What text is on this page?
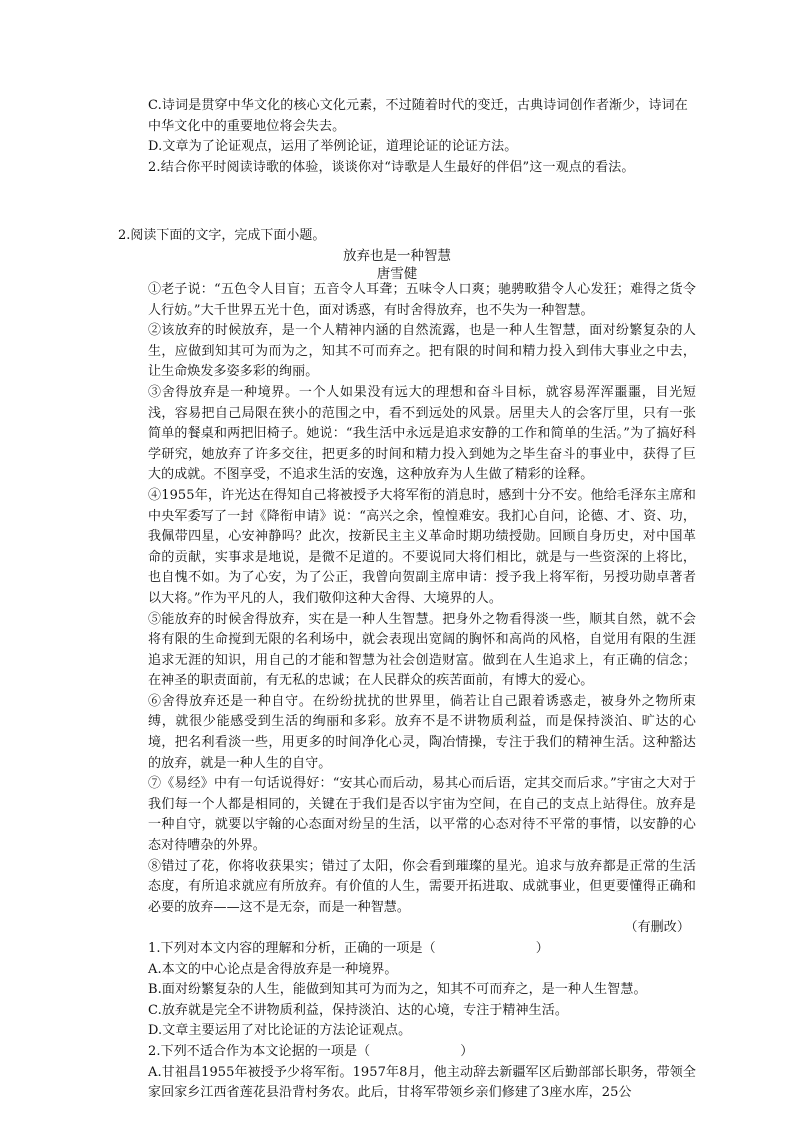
C.诗词是贯穿中华文化的核心文化元素，不过随着时代的变迁，古典诗词创作者渐少，诗词在中华文化中的重要地位将会失去。

D.文章为了论证观点，运用了举例论证，道理论证的论证方法。

2.结合你平时阅读诗歌的体验，谈谈你对“诗歌是人生最好的伴侣”这一观点的看法。

2.阅读下面的文字，完成下面小题。
放弃也是一种智慧
唐雪健

①老子说：“五色令人目盲；五音令人耳聋；五味令人口爽；驰骋畋猎令人心发狂；难得之货令人行妨。”大千世界五光十色，面对诱惑，有时舍得放弃，也不失为一种智慧。

②该放弃的时候放弃，是一个人精神内涵的自然流露，也是一种人生智慧，面对纷繁复杂的人生，应做到知其可为而为之，知其不可而弃之。把有限的时间和精力投入到伟大事业之中去，让生命焕发多姿多彩的绚丽。

③舍得放弃是一种境界。一个人如果没有远大的理想和奋斗目标，就容易浑浑噩噩，目光短浅，容易把自己局限在狭小的范围之中，看不到远处的风景。居里夫人的会客厅里，只有一张简单的餐桌和两把旧椅子。她说：“我生活中永远是追求安静的工作和简单的生活。”为了搞好科学研究，她放弃了许多交往，把更多的时间和精力投入到她为之毕生奋斗的事业中，获得了巨大的成就。不图享受，不追求生活的安逸，这种放弃为人生做了精彩的诠释。

④1955年，许光达在得知自己将被授予大将军衔的消息时，感到十分不安。他给毛泽东主席和中央军委写了一封《降衔申请》说：“高兴之余，惶惶难安。我扪心自问，论德、才、资、功，我佩带四星，心安神静吗？此次，按新民主主义革命时期功绩授勋。回顾自身历史，对中国革命的贡献，实事求是地说，是微不足道的。不要说同大将们相比，就是与一些资深的上将比，也自愧不如。为了心安，为了公正，我曾向贺副主席申请：授予我上将军衔，另授功勋卓著者以大将。”作为平凡的人，我们敬仰这种大舍得、大境界的人。

⑤能放弃的时候舍得放弃，实在是一种人生智慧。把身外之物看得淡一些，顺其自然，就不会将有限的生命搅到无限的名利场中，就会表现出宽阔的胸怀和高尚的风格，自觉用有限的生涯追求无涯的知识，用自己的才能和智慧为社会创造财富。做到在人生追求上，有正确的信念；在神圣的职责面前，有无私的忠诚；在人民群众的疾苦面前，有博大的爱心。

⑥舍得放弃还是一种自守。在纷纷扰扰的世界里，倘若让自己跟着诱惑走，被身外之物所束缚，就很少能感受到生活的绚丽和多彩。放弃不是不讲物质利益，而是保持淡泊、旷达的心境，把名利看淡一些，用更多的时间净化心灵，陶冶情操，专注于我们的精神生活。这种豁达的放弃，就是一种人生的自守。

⑦《易经》中有一句话说得好：“安其心而后动，易其心而后语，定其交而后求。”宇宙之大对于我们每一个人都是相同的，关键在于我们是否以宇宙为空间，在自己的支点上站得住。放弃是一种自守，就要以宇翰的心态面对纷呈的生活，以平常的心态对待不平常的事情，以安静的心态对待嘈杂的外界。

⑧错过了花，你将收获果实；错过了太阳，你会看到璀璨的星光。追求与放弃都是正常的生活态度，有所追求就应有所放弃。有价值的人生，需要开拓进取、成就事业，但更要懂得正确和必要的放弃——这不是无奈，而是一种智慧。

（有删改）

1.下列对本文内容的理解和分析，正确的一项是（	）

A.本文的中心论点是舍得放弃是一种境界。

B.面对纷繁复杂的人生，能做到知其可为而为之，知其不可而弃之，是一种人生智慧。

C.放弃就是完全不讲物质利益，保持淡泊、达的心境，专注于精神生活。

D.文章主要运用了对比论证的方法论证观点。

2.下列不适合作为本文论据的一项是（	）

A.甘祖昌1955年被授予少将军衔。1957年8月，他主动辞去新疆军区后勤部部长职务，带领全家回家乡江西省莲花县沿背村务农。此后，甘将军带领乡亲们修建了3座水库，25公
